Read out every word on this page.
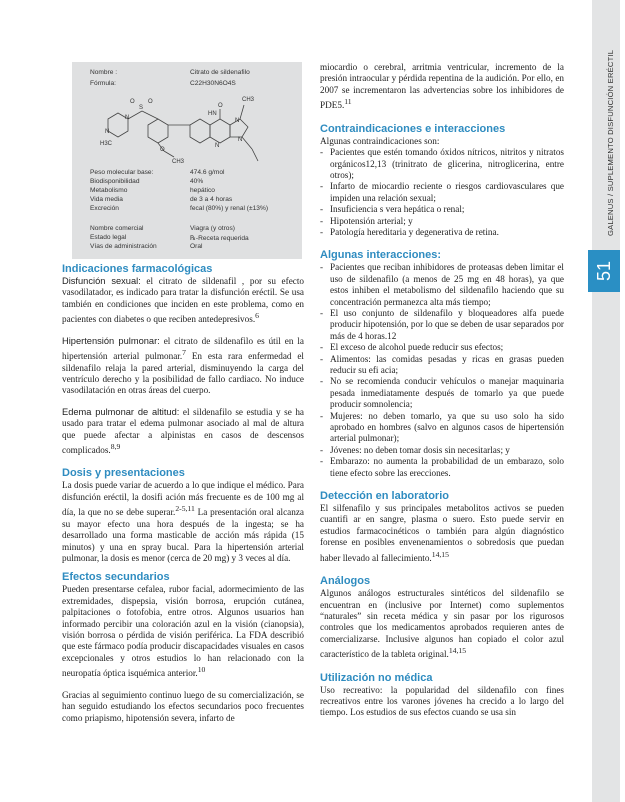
GALENUS / SUPLEMENTO DISFUNCIÓN ERÉCTIL
51
Nombre :	Citrato de sildenafilo
Fórmula:	C22H30N6O4S
O
CH3
N
HN
N
N
S
O O
N
N
H3C
O
CH3
Peso molecular base:	474.6 g/mol
Biodisponibilidad	40%
Metabolismo	hepático
Vida media	de 3 a 4 horas
Excreción	fecal (80%) y renal (±13%)
Nombre comercial	Viagra (y otros)
Estado legal	℞-Receta requerida
Vías de administración	Oral
Indicaciones farmacológicas

Disfunción sexual: el citrato de sildenafil , por su efecto vasodilatador, es indicado para tratar la disfunción eréctil. Se usa también en condiciones que inciden en este problema, como en pacientes con diabetes o que reciben antedepresivos.$^6$

Hipertensión pulmonar: el citrato de sildenafilo es útil en la hipertensión arterial pulmonar.$^7$ En esta rara enfermedad el sildenafilo relaja la pared arterial, disminuyendo la carga del ventrículo derecho y la posibilidad de fallo cardiaco. No induce vasodilatación en otras áreas del cuerpo.

Edema pulmonar de altitud: el sildenafilo se estudia y se ha usado para tratar el edema pulmonar asociado al mal de altura que puede afectar a alpinistas en casos de descensos complicados.$^{8,9}$

Dosis y presentaciones

La dosis puede variar de acuerdo a lo que indique el médico. Para disfunción eréctil, la dosifi ación más frecuente es de 100 mg al día, la que no se debe superar.$^{2-5,11}$ La presentación oral alcanza su mayor efecto una hora después de la ingesta; se ha desarrollado una forma masticable de acción más rápida (15 minutos) y una en spray bucal. Para la hipertensión arterial pulmonar, la dosis es menor (cerca de 20 mg) y 3 veces al día.

Efectos secundarios

Pueden presentarse cefalea, rubor facial, adormecimiento de las extremidades, dispepsia, visión borrosa, erupción cutánea, palpitaciones o fotofobia, entre otros. Algunos usuarios han informado percibir una coloración azul en la visión (cianopsia), visión borrosa o pérdida de visión periférica. La FDA describió que este fármaco podía producir discapacidades visuales en casos excepcionales y otros estudios lo han relacionado con la neuropatía óptica isquémica anterior.$^{10}$

Gracias al seguimiento continuo luego de su comercialización, se han seguido estudiando los efectos secundarios poco frecuentes como priapismo, hipotensión severa, infarto de

miocardio o cerebral, arritmia ventricular, incremento de la presión intraocular y pérdida repentina de la audición. Por ello, en 2007 se incrementaron las advertencias sobre los inhibidores de PDE5.11

Contraindicaciones e interacciones

Algunas contraindicaciones son:

- Pacientes que estén tomando óxidos nítricos, nitritos y nitratos orgánicos12,13 (trinitrato de glicerina, nitroglicerina, entre otros);
- Infarto de miocardio reciente o riesgos cardiovasculares que impiden una relación sexual;
- Insuficiencia s vera hepática o renal;
- Hipotensión arterial; y
- Patología hereditaria y degenerativa de retina.
Algunas interacciones:
- Pacientes que reciban inhibidores de proteasas deben limitar el uso de sildenafilo (a menos de 25 mg en 48 horas), ya que estos inhiben el metabolismo del sildenafilo haciendo que su concentración permanezca alta más tiempo;
- El uso conjunto de sildenafilo y bloqueadores alfa puede producir hipotensión, por lo que se deben de usar separados por más de 4 horas.12
- El exceso de alcohol puede reducir sus efectos;
- Alimentos: las comidas pesadas y ricas en grasas pueden reducir su efi acia;
- No se recomienda conducir vehículos o manejar maquinaria pesada inmediatamente después de tomarlo ya que puede producir somnolencia;
- Mujeres: no deben tomarlo, ya que su uso solo ha sido aprobado en hombres (salvo en algunos casos de hipertensión arterial pulmonar);
- Jóvenes: no deben tomar dosis sin necesitarlas; y
- Embarazo: no aumenta la probabilidad de un embarazo, solo tiene efecto sobre las erecciones.
Detección en laboratorio

El silfenafilo y sus principales metabolitos activos se pueden cuantifi ar en sangre, plasma o suero. Esto puede servir en estudios farmacocinéticos o también para algún diagnóstico forense en posibles envenenamientos o sobredosis que puedan haber llevado al fallecimiento.$^{14,15}$

Análogos

Algunos análogos estructurales sintéticos del sildenafilo se encuentran en (inclusive por Internet) como suplementos “naturales” sin receta médica y sin pasar por los rigurosos controles que los medicamentos aprobados requieren antes de comercializarse. Inclusive algunos han copiado el color azul característico de la tableta original.$^{14,15}$

Utilización no médica

Uso recreativo: la popularidad del sildenafilo con fines recreativos entre los varones jóvenes ha crecido a lo largo del tiempo. Los estudios de sus efectos cuando se usa sin
